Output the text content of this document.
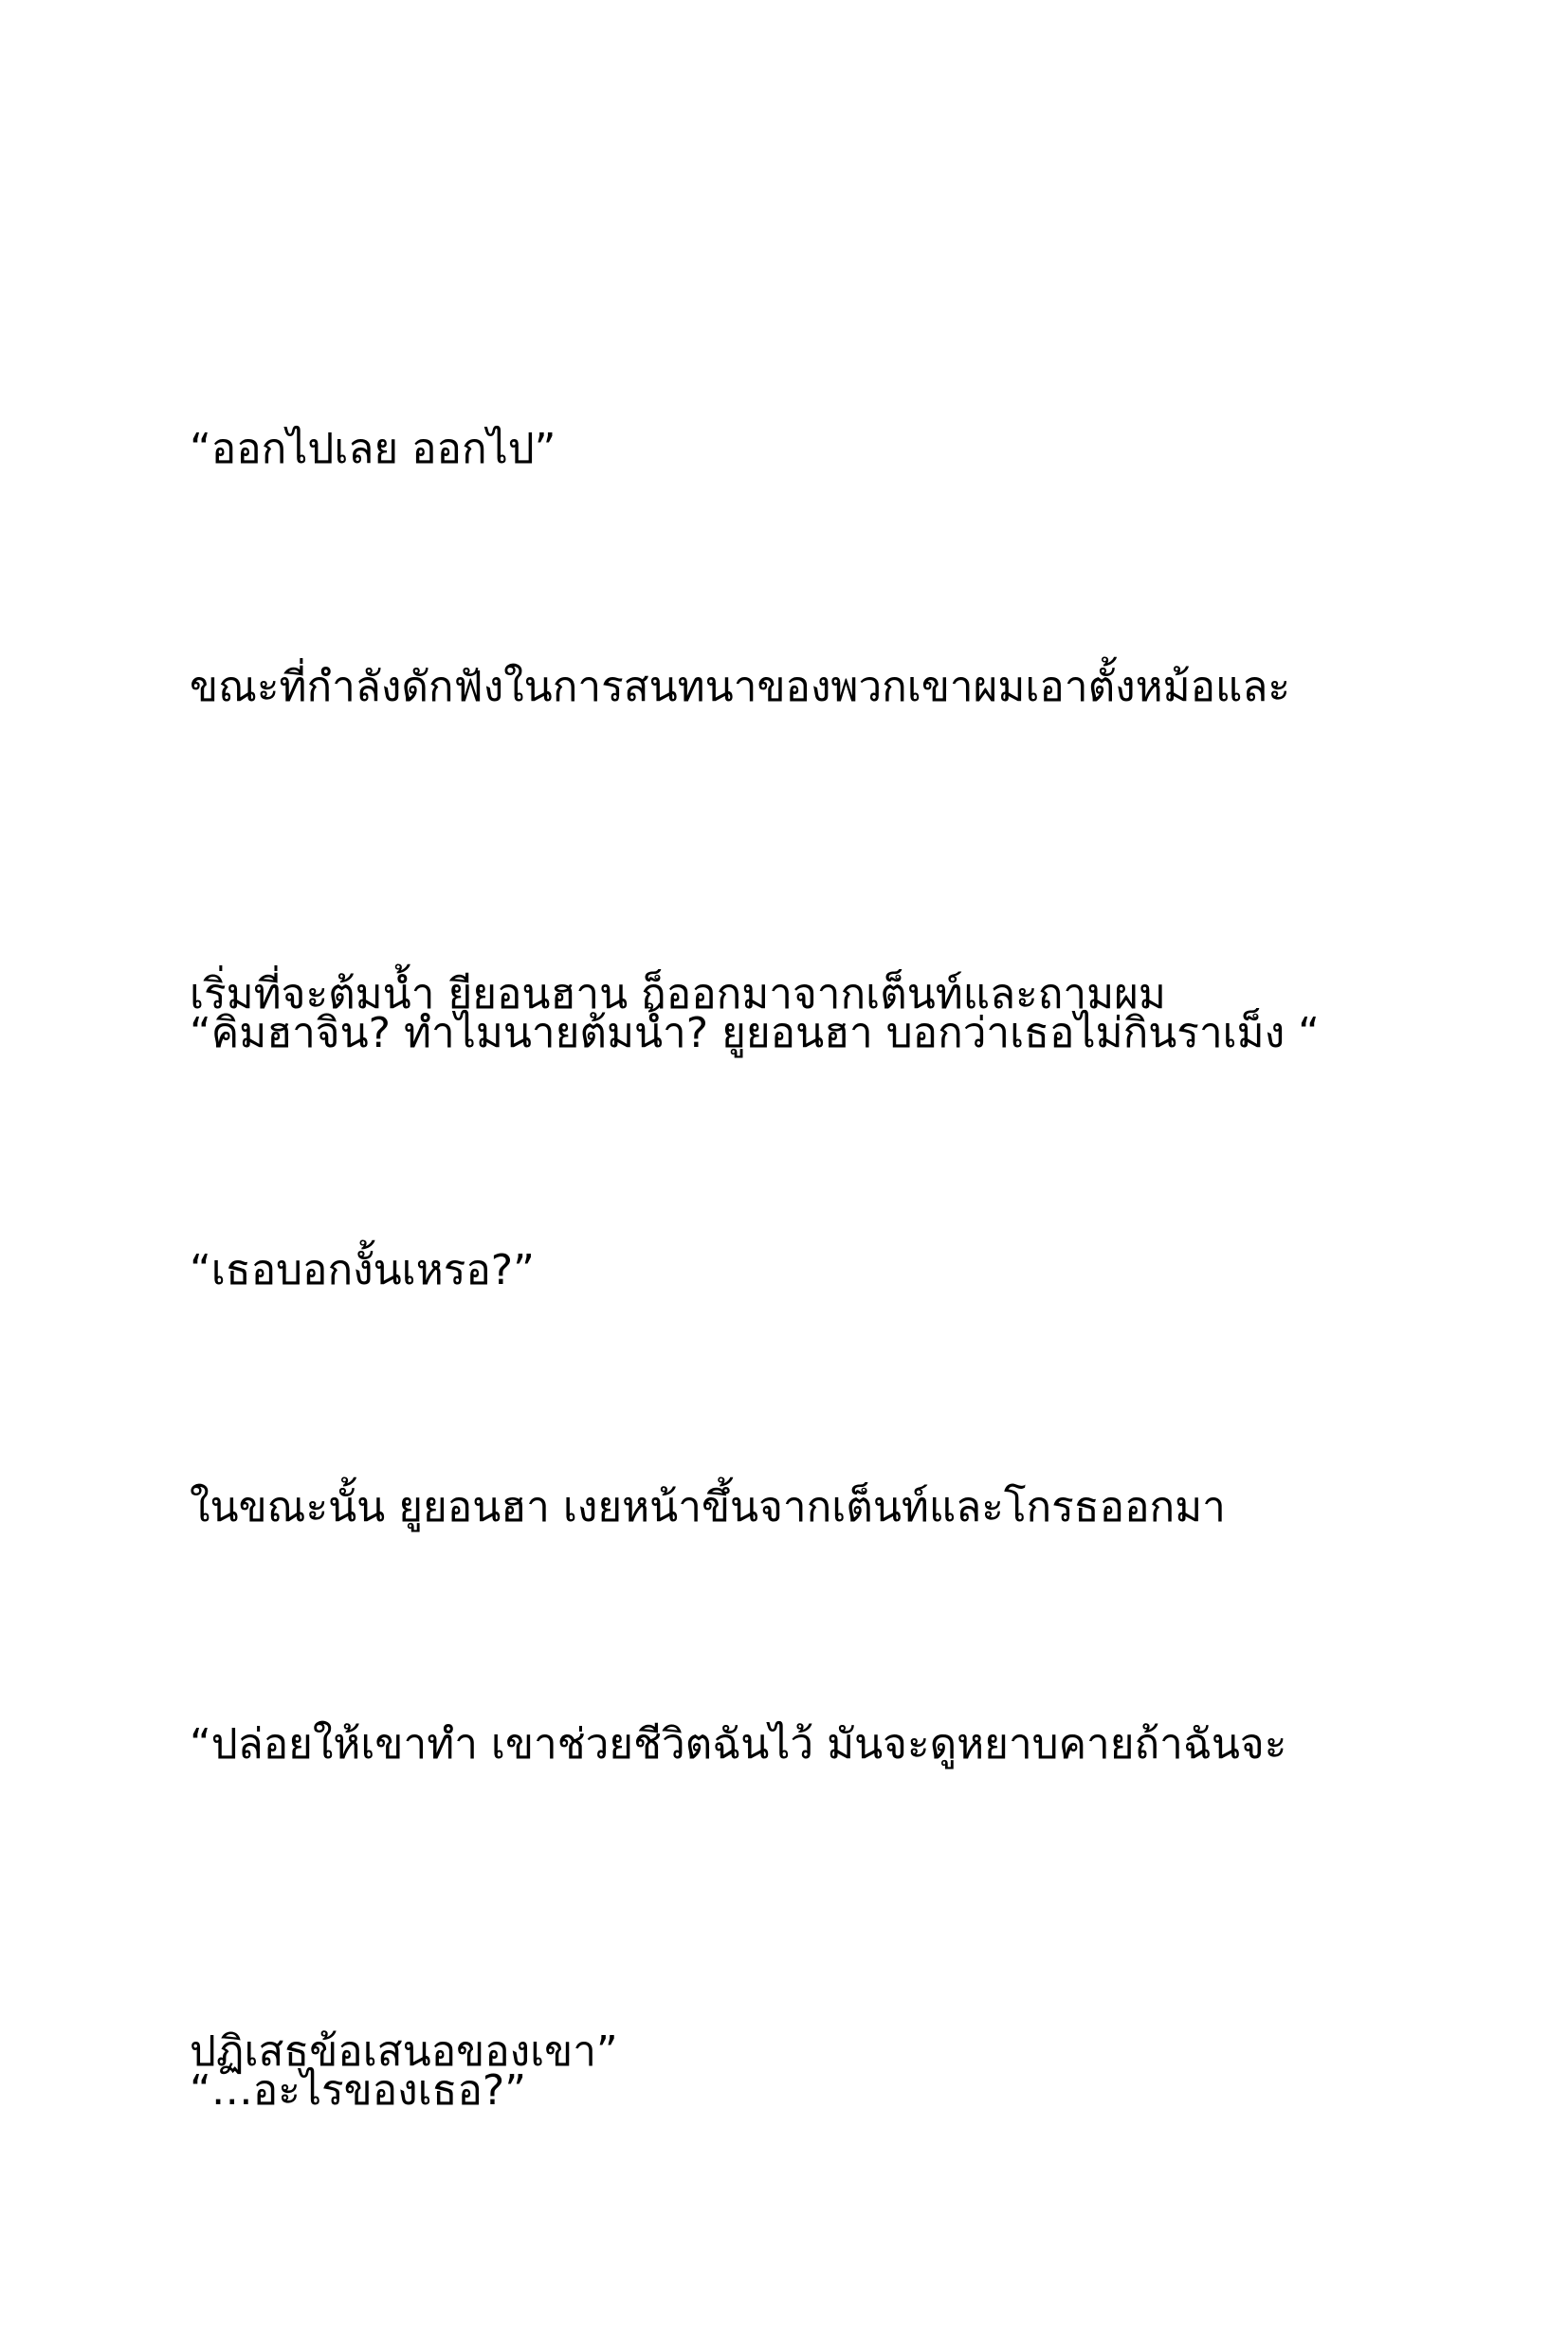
“ออกไปเลย ออกไป”

ขณะที่กำลังดักฟังในการสนทนาของพวกเขาผมเอาตั้งหม้อและ

เริ่มที่จะต้มน้ำ ยียอนฮาน ก็ออกมาจากเต็นท์และถามผม

“คิมฮาจิน? ทำไมนายต้มน้ำ? ยูยอนฮา บอกว่าเธอไม่กินราเม็ง “

“เธอบอกงั้นเหรอ?”

ในขณะนั้น ยูยอนฮา เงยหน้าขึ้นจากเต็นท์และโกรธออกมา

“ปล่อยให้เขาทำ เขาช่วยชีวิตฉันไว้ มันจะดูหยาบคายถ้าฉันจะ

ปฏิเสธข้อเสนอของเขา”

“…อะไรของเธอ?”
